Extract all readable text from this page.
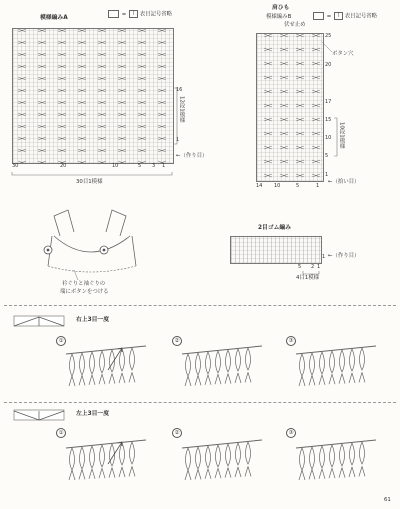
模様編みA
= | 表目記号省略
16
12段1模様
1
30	20	10	5 3 1
←（作り目）
30目1模様
肩ひも
模様編みB	= | 表目記号省略
伏せ止め
ボタン穴
25
20
17
15
10
5
1
10段1模様
14 10	5	1
←（拾い目）
衿ぐりと袖ぐりの
端にボタンをつける
2目ゴム編み
1 ←（作り目）
5 2 1
4目1模様
右上3目一度
①	②	③
左上3目一度
①	②	③
61
